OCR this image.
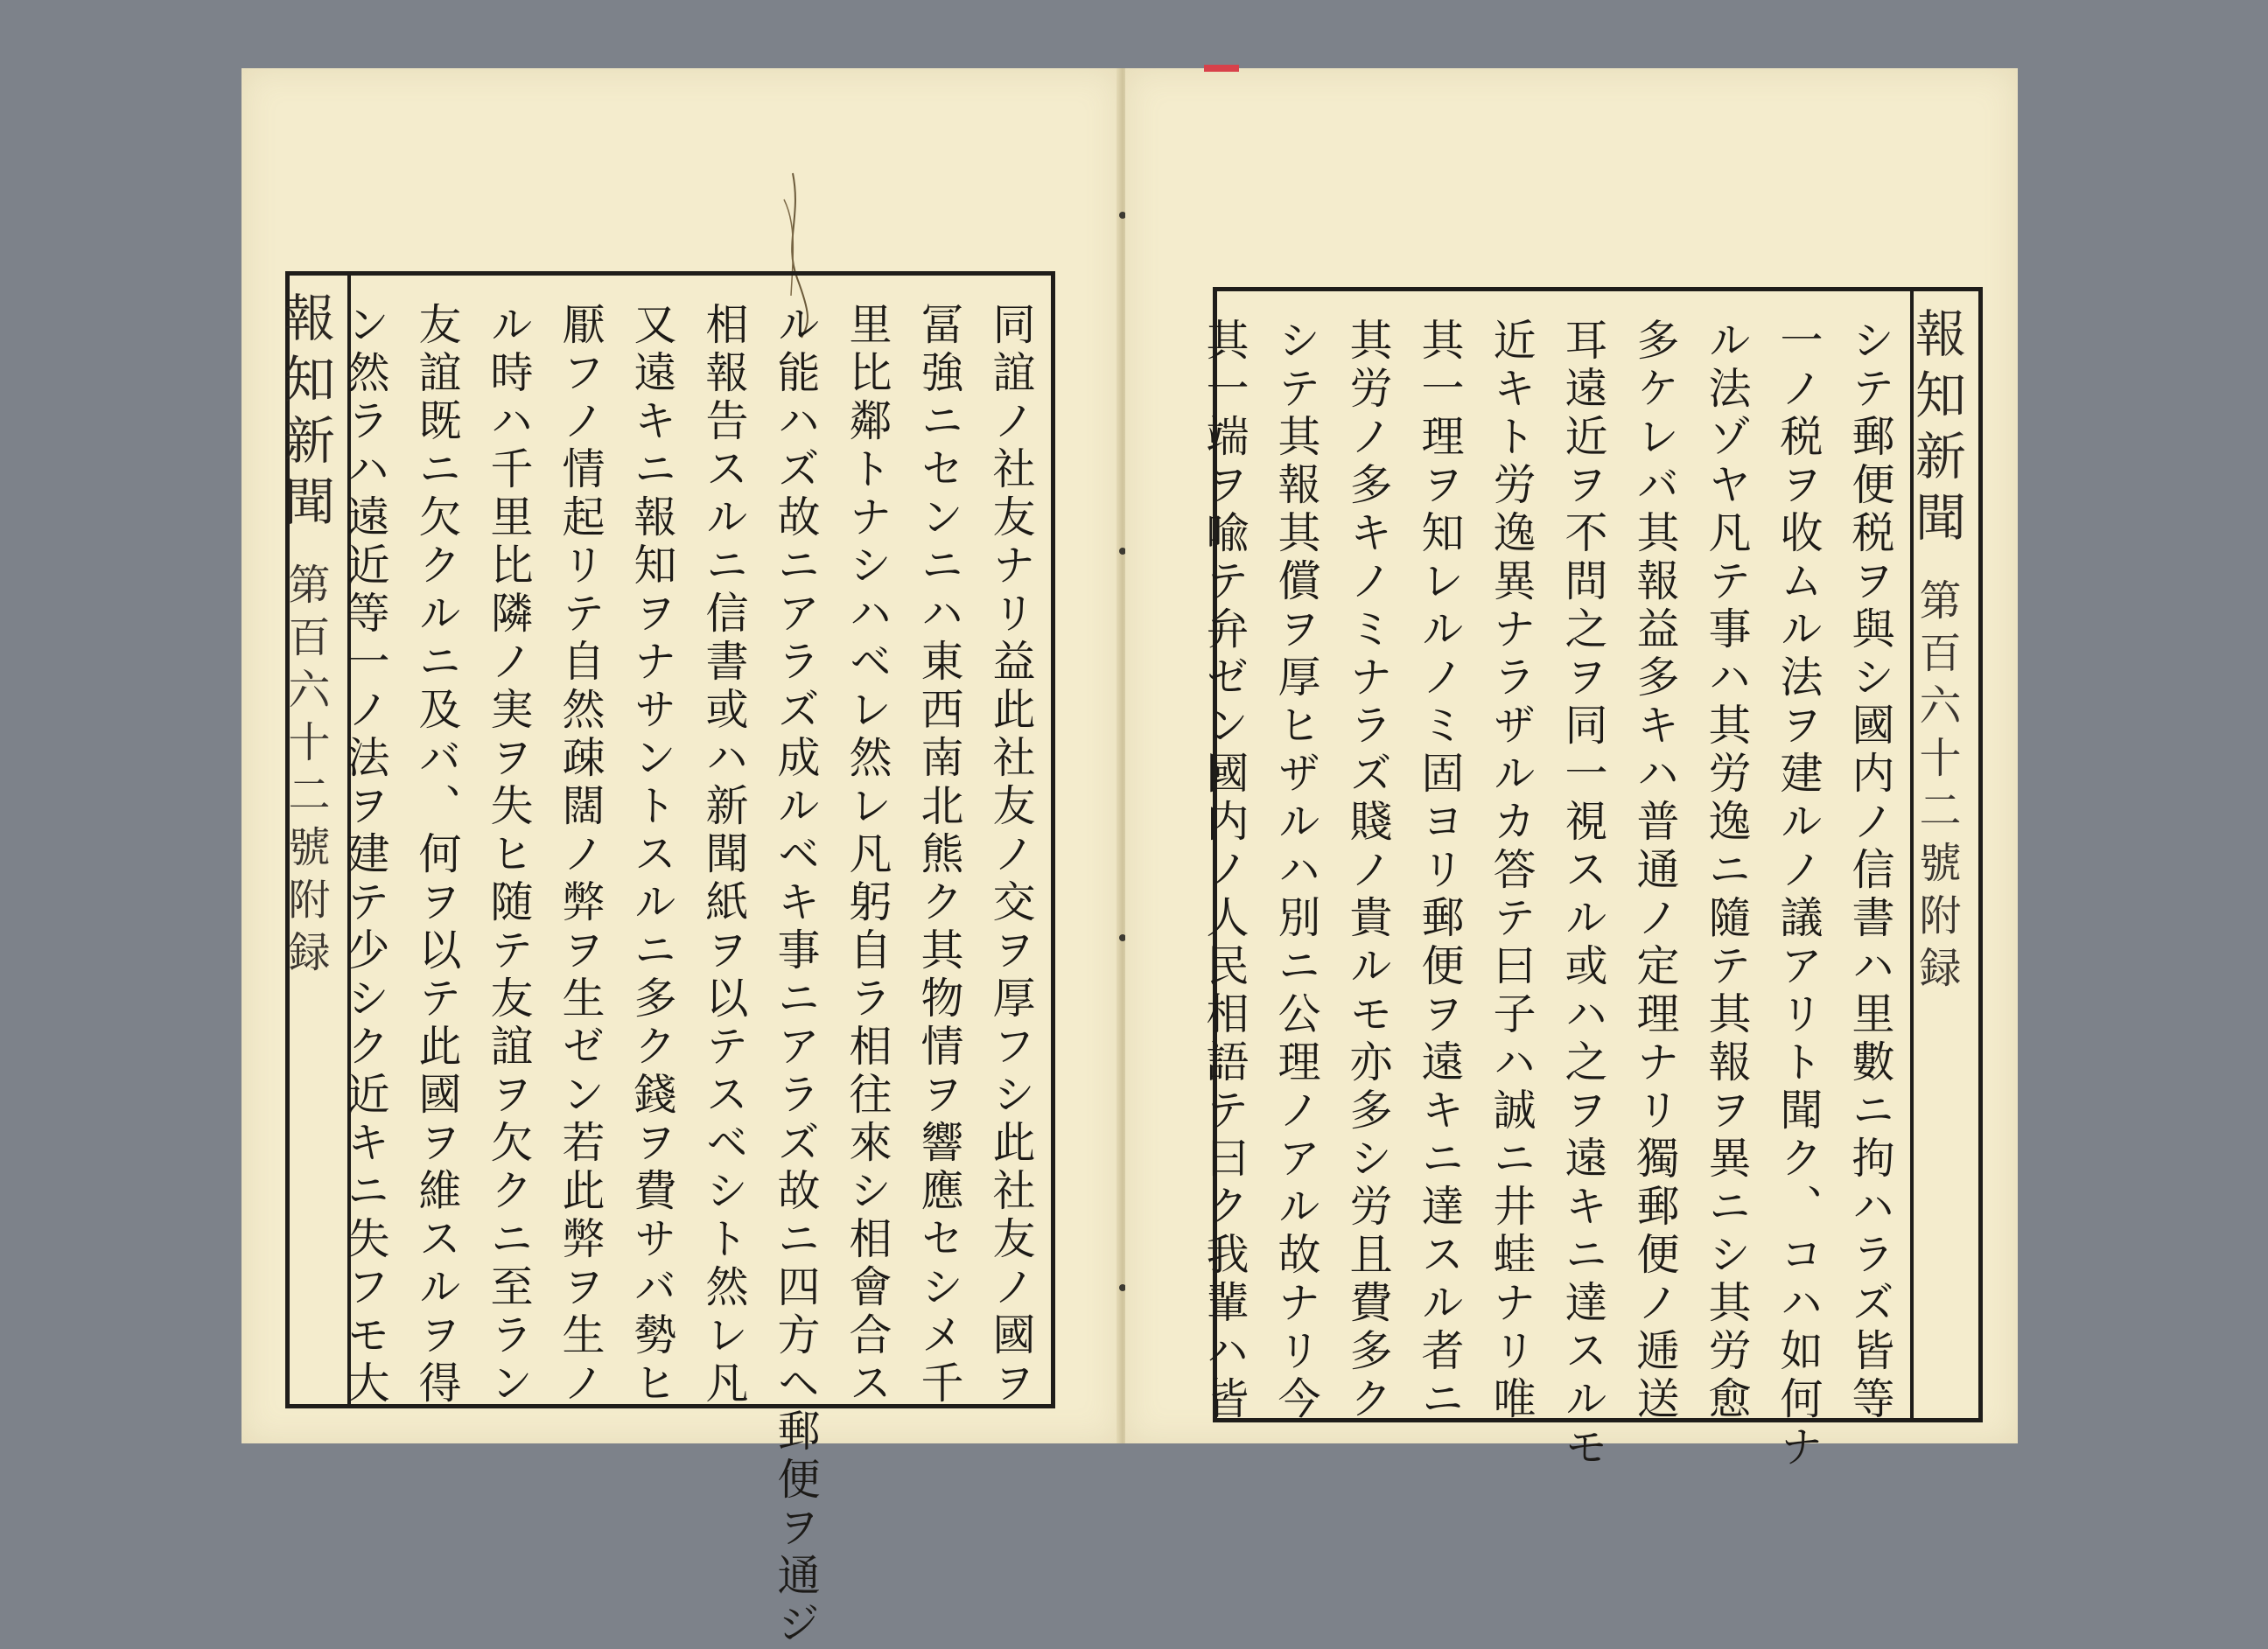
報知新聞第百六十二號附録	同誼ノ社友ナリ益此社友ノ交ヲ厚フシ此社友ノ國ヲ
冨強ニセンニハ東西南北熊ク其物情ヲ響應セシメ千
里比鄰トナシハベレ然レ凡躬自ラ相往來シ相會合ス
ル能ハズ故ニアラズ成ルベキ事ニアラズ故ニ四方ヘ郵便ヲ通ジ
相報告スルニ信書或ハ新聞紙ヲ以テスベシト然レ凡
又遠キニ報知ヲナサントスルニ多ク錢ヲ費サバ勢ヒ
厭フノ情起リテ自然疎闊ノ弊ヲ生ゼン若此弊ヲ生ノ
ル時ハ千里比隣ノ実ヲ失ヒ随テ友誼ヲ欠クニ至ラン
友誼既ニ欠クルニ及バ、何ヲ以テ此國ヲ維スルヲ得
ン然ラハ遠近等一ノ法ヲ建テ少シク近キニ失フモ大	報知新聞第百六十二號附録
シテ郵便税ヲ與シ國内ノ信書ハ里數ニ拘ハラズ皆等
一ノ税ヲ收ムル法ヲ建ルノ議アリト聞ク、コハ如何ナ
ル法ゾヤ凡テ事ハ其労逸ニ隨テ其報ヲ異ニシ其労愈
多ケレバ其報益多キハ普通ノ定理ナリ獨郵便ノ逓送
耳遠近ヲ不問之ヲ同一視スル或ハ之ヲ遠キニ達スルモ
近キト労逸異ナラザルカ答テ曰子ハ誠ニ井蛙ナリ唯
其一理ヲ知レルノミ固ヨリ郵便ヲ遠キニ達スル者ニ
其労ノ多キノミナラズ賤ノ貴ルモ亦多シ労且費多ク
シテ其報其償ヲ厚ヒザルハ別ニ公理ノアル故ナリ今
其一端ヲ喩テ弁ゼン國内ノ人民相語テ曰ク我輩ハ皆
